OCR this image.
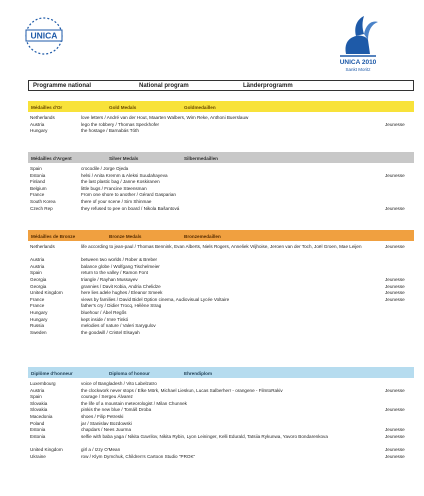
UNICA
UNICA 2010
Sankt Moritz
Programme national	National program	Länderprogramm
Médailles d'Or	Gold Medals	Goldmedaillen
Netherlands	love letters / André van der Hout, Maarten Walbers, Wim Reke, Anthoni Buerslauw
Austria	lego the robbery / Thomas Speckhofer	Jeunesse
Hungary	the hostage / Barnabás Tóth
Médailles d'Argent	Silver Medals	Silbermedaillen
Spain	crocodile / Jorge Ojeda
Estonia	helsi / Anita Kremm & Aleksi Suudahayeva	Jeunesse
Finland	the last plastic bag / Janne Koskiranen
Belgium	little bugs / Francine Steensman
France	From one shore to another / Gérard Gasparian
South Korea	there of your scene / Sim Shinmae
Czech Rep	they refused to pee on board / Nikola Bašantová	Jeunesse
Médailles de Bronze	Bronze Medals	Bronzemedaillen
Netherlands	life according to jean-paul / Thomas Bennink, Evan Alberts, Niels Rogers, Anneliek Vrijhoise, Jeroen van der Toch, Joël Groen, Mae Leijen	Jeunesse
Austria	between two worlds / Rober & Breber
Austria	balance globe / Wolfgang Tischelmeier
Spain	return to the valley / Ramon Font
Georgia	triangle / Rayhan Mussayev	Jeunesse
Georgia	grannies / Davit Kobia, Andria Chelidze	Jeunesse
United Kingdom	here lies adele hughes / Eleanor Smeek	Jeunesse
France	views by families / David Bidel Option cinema, Audiovisual Lycée Voltaire	Jeunesse
France	father's cry / Didier Trocq, Hélène Strag
Hungary	bluehour / Ábel Regős
Hungary	kept inside / Imre Tinkó
Russia	melodies of nature / Valeri Sarygulov
Sweden	the goodwill / Cristel Elsayah
Diplôme d'honneur	Diploma of honour	Ehrendiplom
Luxembourg	voice of Bangladesh / Vito Labelzatro
Austria	the clockwork never stops / Elke Mörk, Michael Lieskun, Lucas Salberherr - orangene - FilmtoRakiv	Jeunesse
Spain	courage / Sergeu Álvarez
Slovakia	the life of a mountain meteorologist / Milan Chunnek
Slovakia	pinkis the new blue / Tomáš Droba	Jeunesse
Macedonia	shoes / Filip Petreski
Poland	jar / Stanislav Bozdowski
Estonia	chapdars / Nees Juurma	Jeunesse
Estonia	selfie with baba yaga / Nikita Gavrilov, Nikita Rybin, Lyon Leininger, Kelli Edurald, Tatsiia Rykunwa, Yavoro Bondarenkova	Jeunesse
United Kingdom	girl a / Izzy O'Mean	Jeunesse
Ukraine	row / Klym Dymchuk, Children's Cartoon Studio "PROK"	Jeunesse
